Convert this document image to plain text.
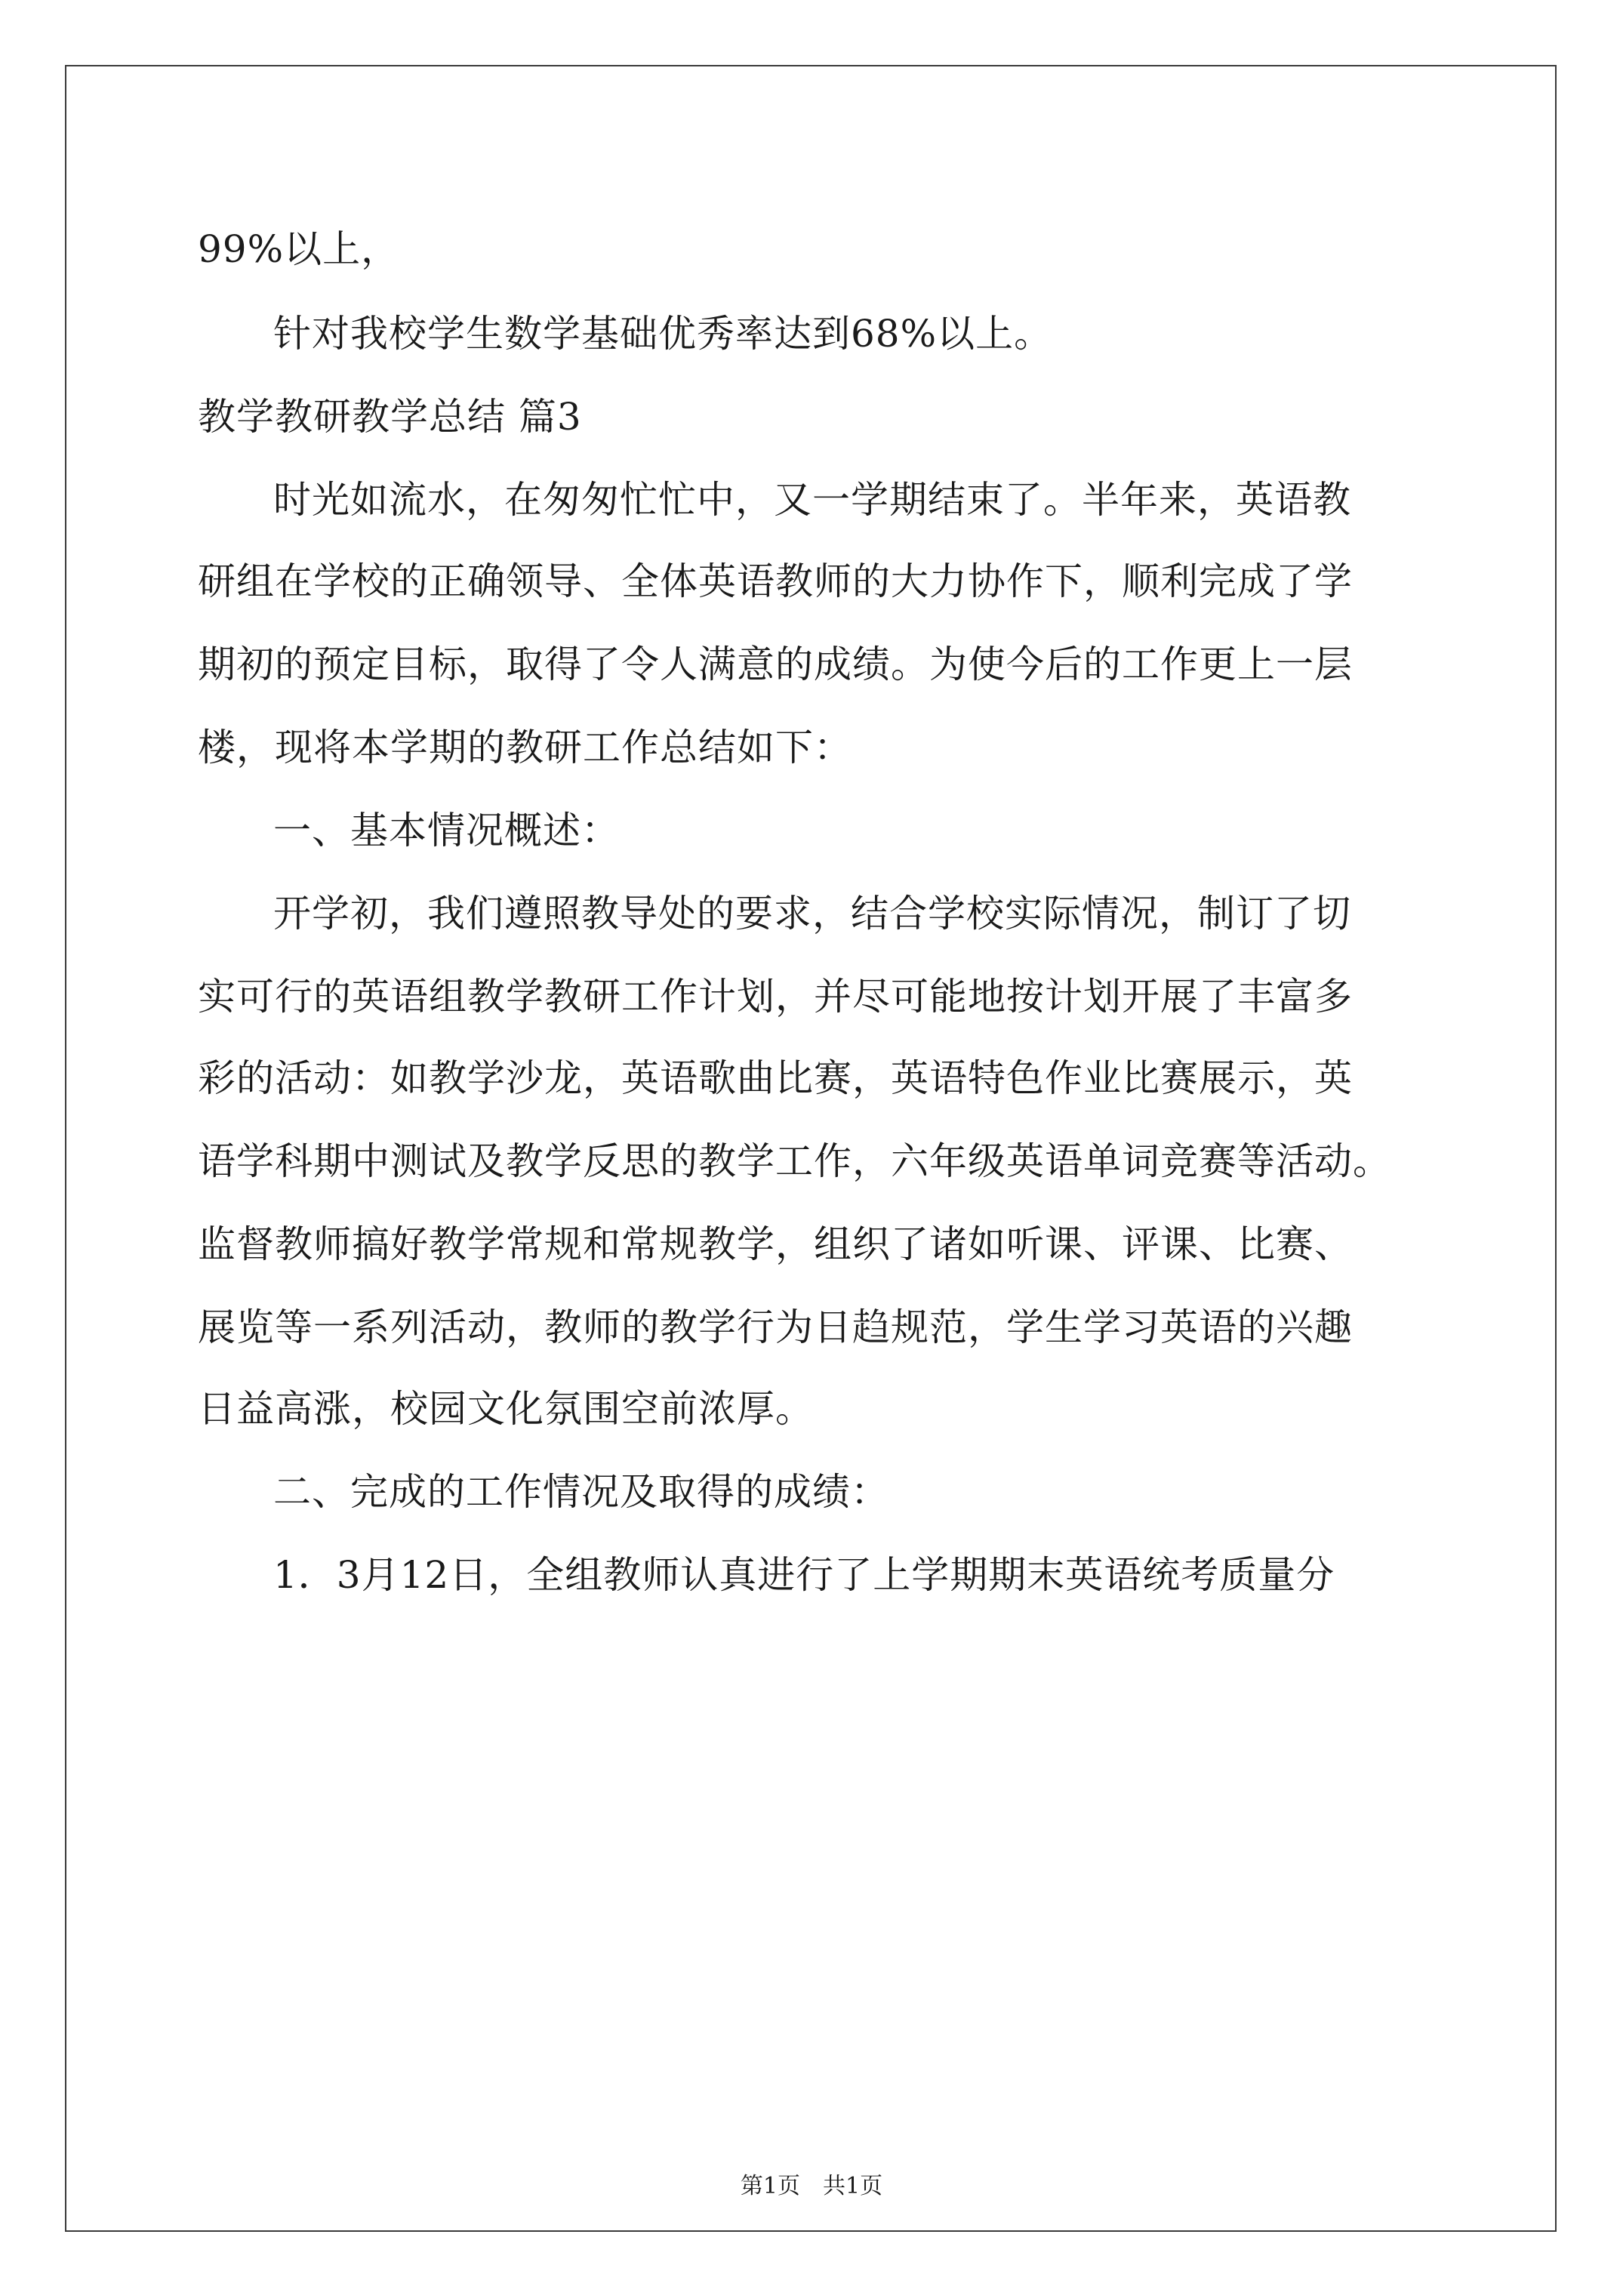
99%以上，
针对我校学生数学基础优秀率达到68%以上。
教学教研教学总结 篇3
时光如流水，在匆匆忙忙中，又一学期结束了。半年来，英语教
研组在学校的正确领导、全体英语教师的大力协作下，顺利完成了学
期初的预定目标，取得了令人满意的成绩。为使今后的工作更上一层
楼，现将本学期的教研工作总结如下：
一、基本情况概述：
开学初，我们遵照教导处的要求，结合学校实际情况，制订了切
实可行的英语组教学教研工作计划，并尽可能地按计划开展了丰富多
彩的活动：如教学沙龙，英语歌曲比赛，英语特色作业比赛展示，英
语学科期中测试及教学反思的教学工作，六年级英语单词竞赛等活动。
监督教师搞好教学常规和常规教学，组织了诸如听课、评课、比赛、
展览等一系列活动，教师的教学行为日趋规范，学生学习英语的兴趣
日益高涨，校园文化氛围空前浓厚。
二、完成的工作情况及取得的成绩：
1．3月12日，全组教师认真进行了上学期期末英语统考质量分
第1页 共1页
